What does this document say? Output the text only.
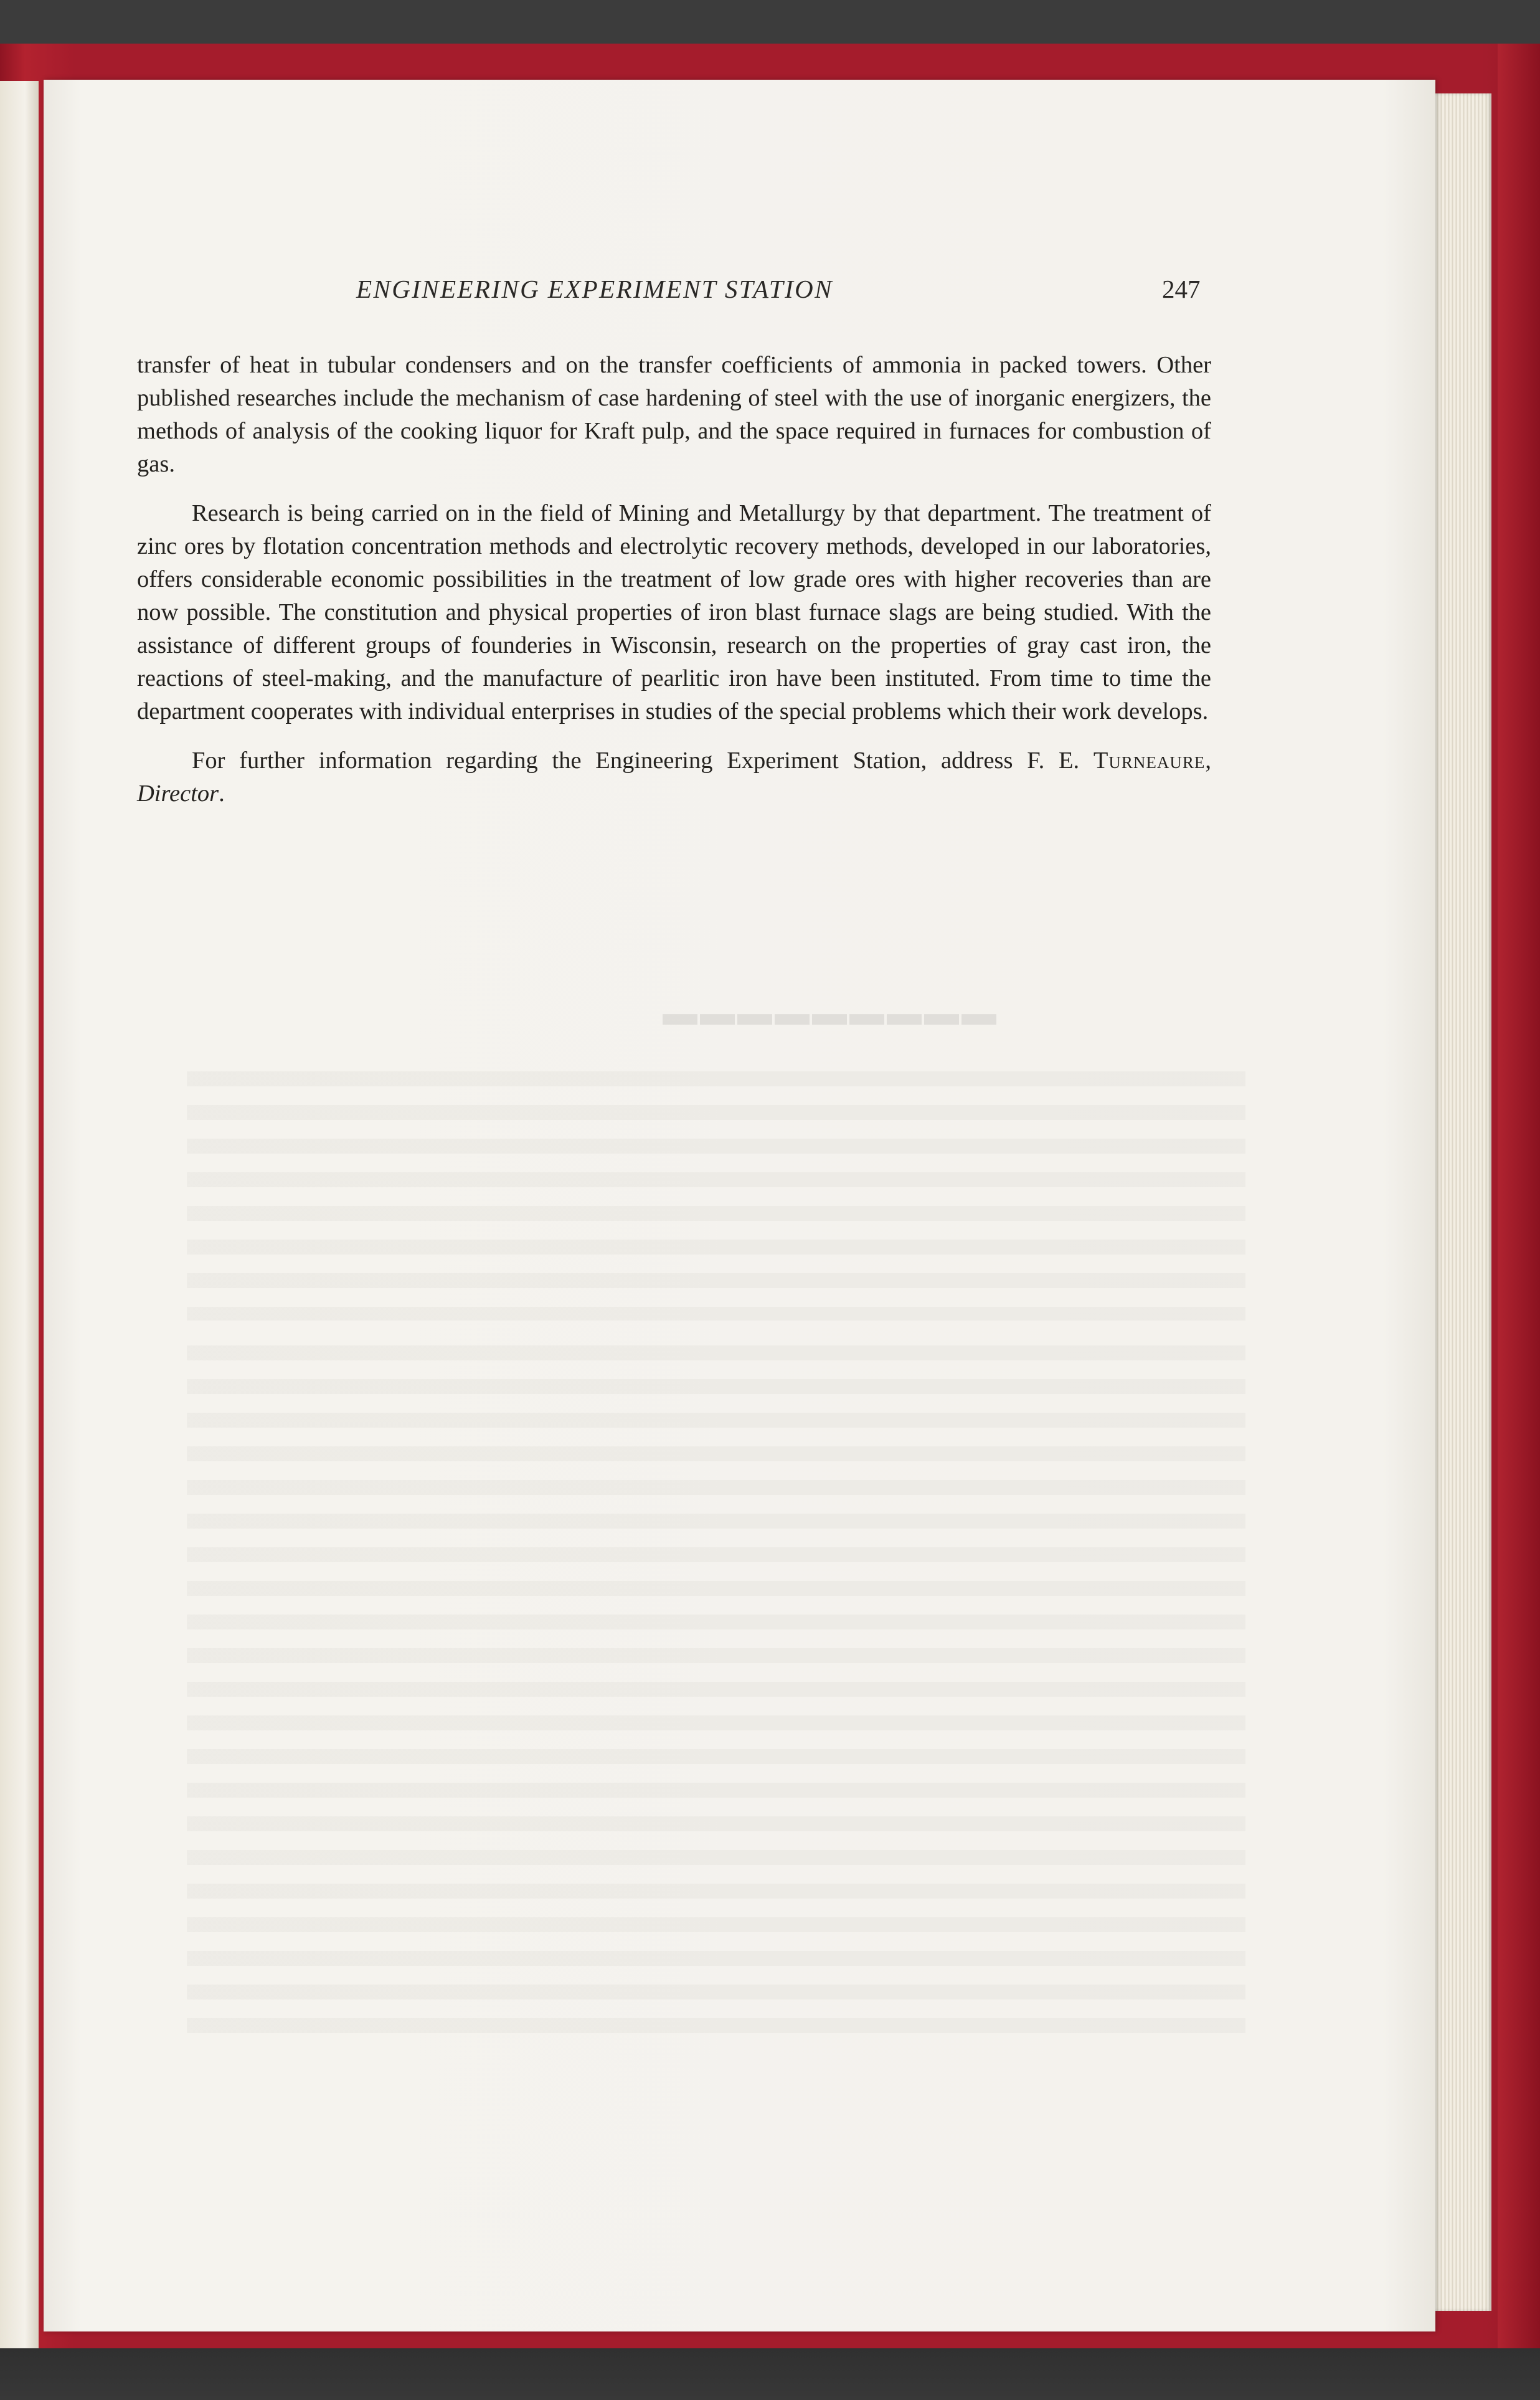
▬▬▬▬▬▬▬▬▬
ENGINEERING EXPERIMENT STATION	247

transfer of heat in tubular condensers and on the transfer coefficients of ammonia in packed towers. Other published researches include the mechanism of case hardening of steel with the use of inorganic energizers, the methods of analysis of the cooking liquor for Kraft pulp, and the space required in furnaces for combustion of gas.

Research is being carried on in the field of Mining and Metallurgy by that department. The treatment of zinc ores by flotation concentration methods and electrolytic recovery methods, developed in our laboratories, offers considerable economic possibilities in the treatment of low grade ores with higher recoveries than are now possible. The constitution and physical properties of iron blast furnace slags are being studied. With the assistance of different groups of founderies in Wisconsin, research on the properties of gray cast iron, the reactions of steel-making, and the manufacture of pearlitic iron have been instituted. From time to time the department cooperates with individual enterprises in studies of the special problems which their work develops.

For further information regarding the Engineering Experiment Station, address F. E. Turneaure, Director.
